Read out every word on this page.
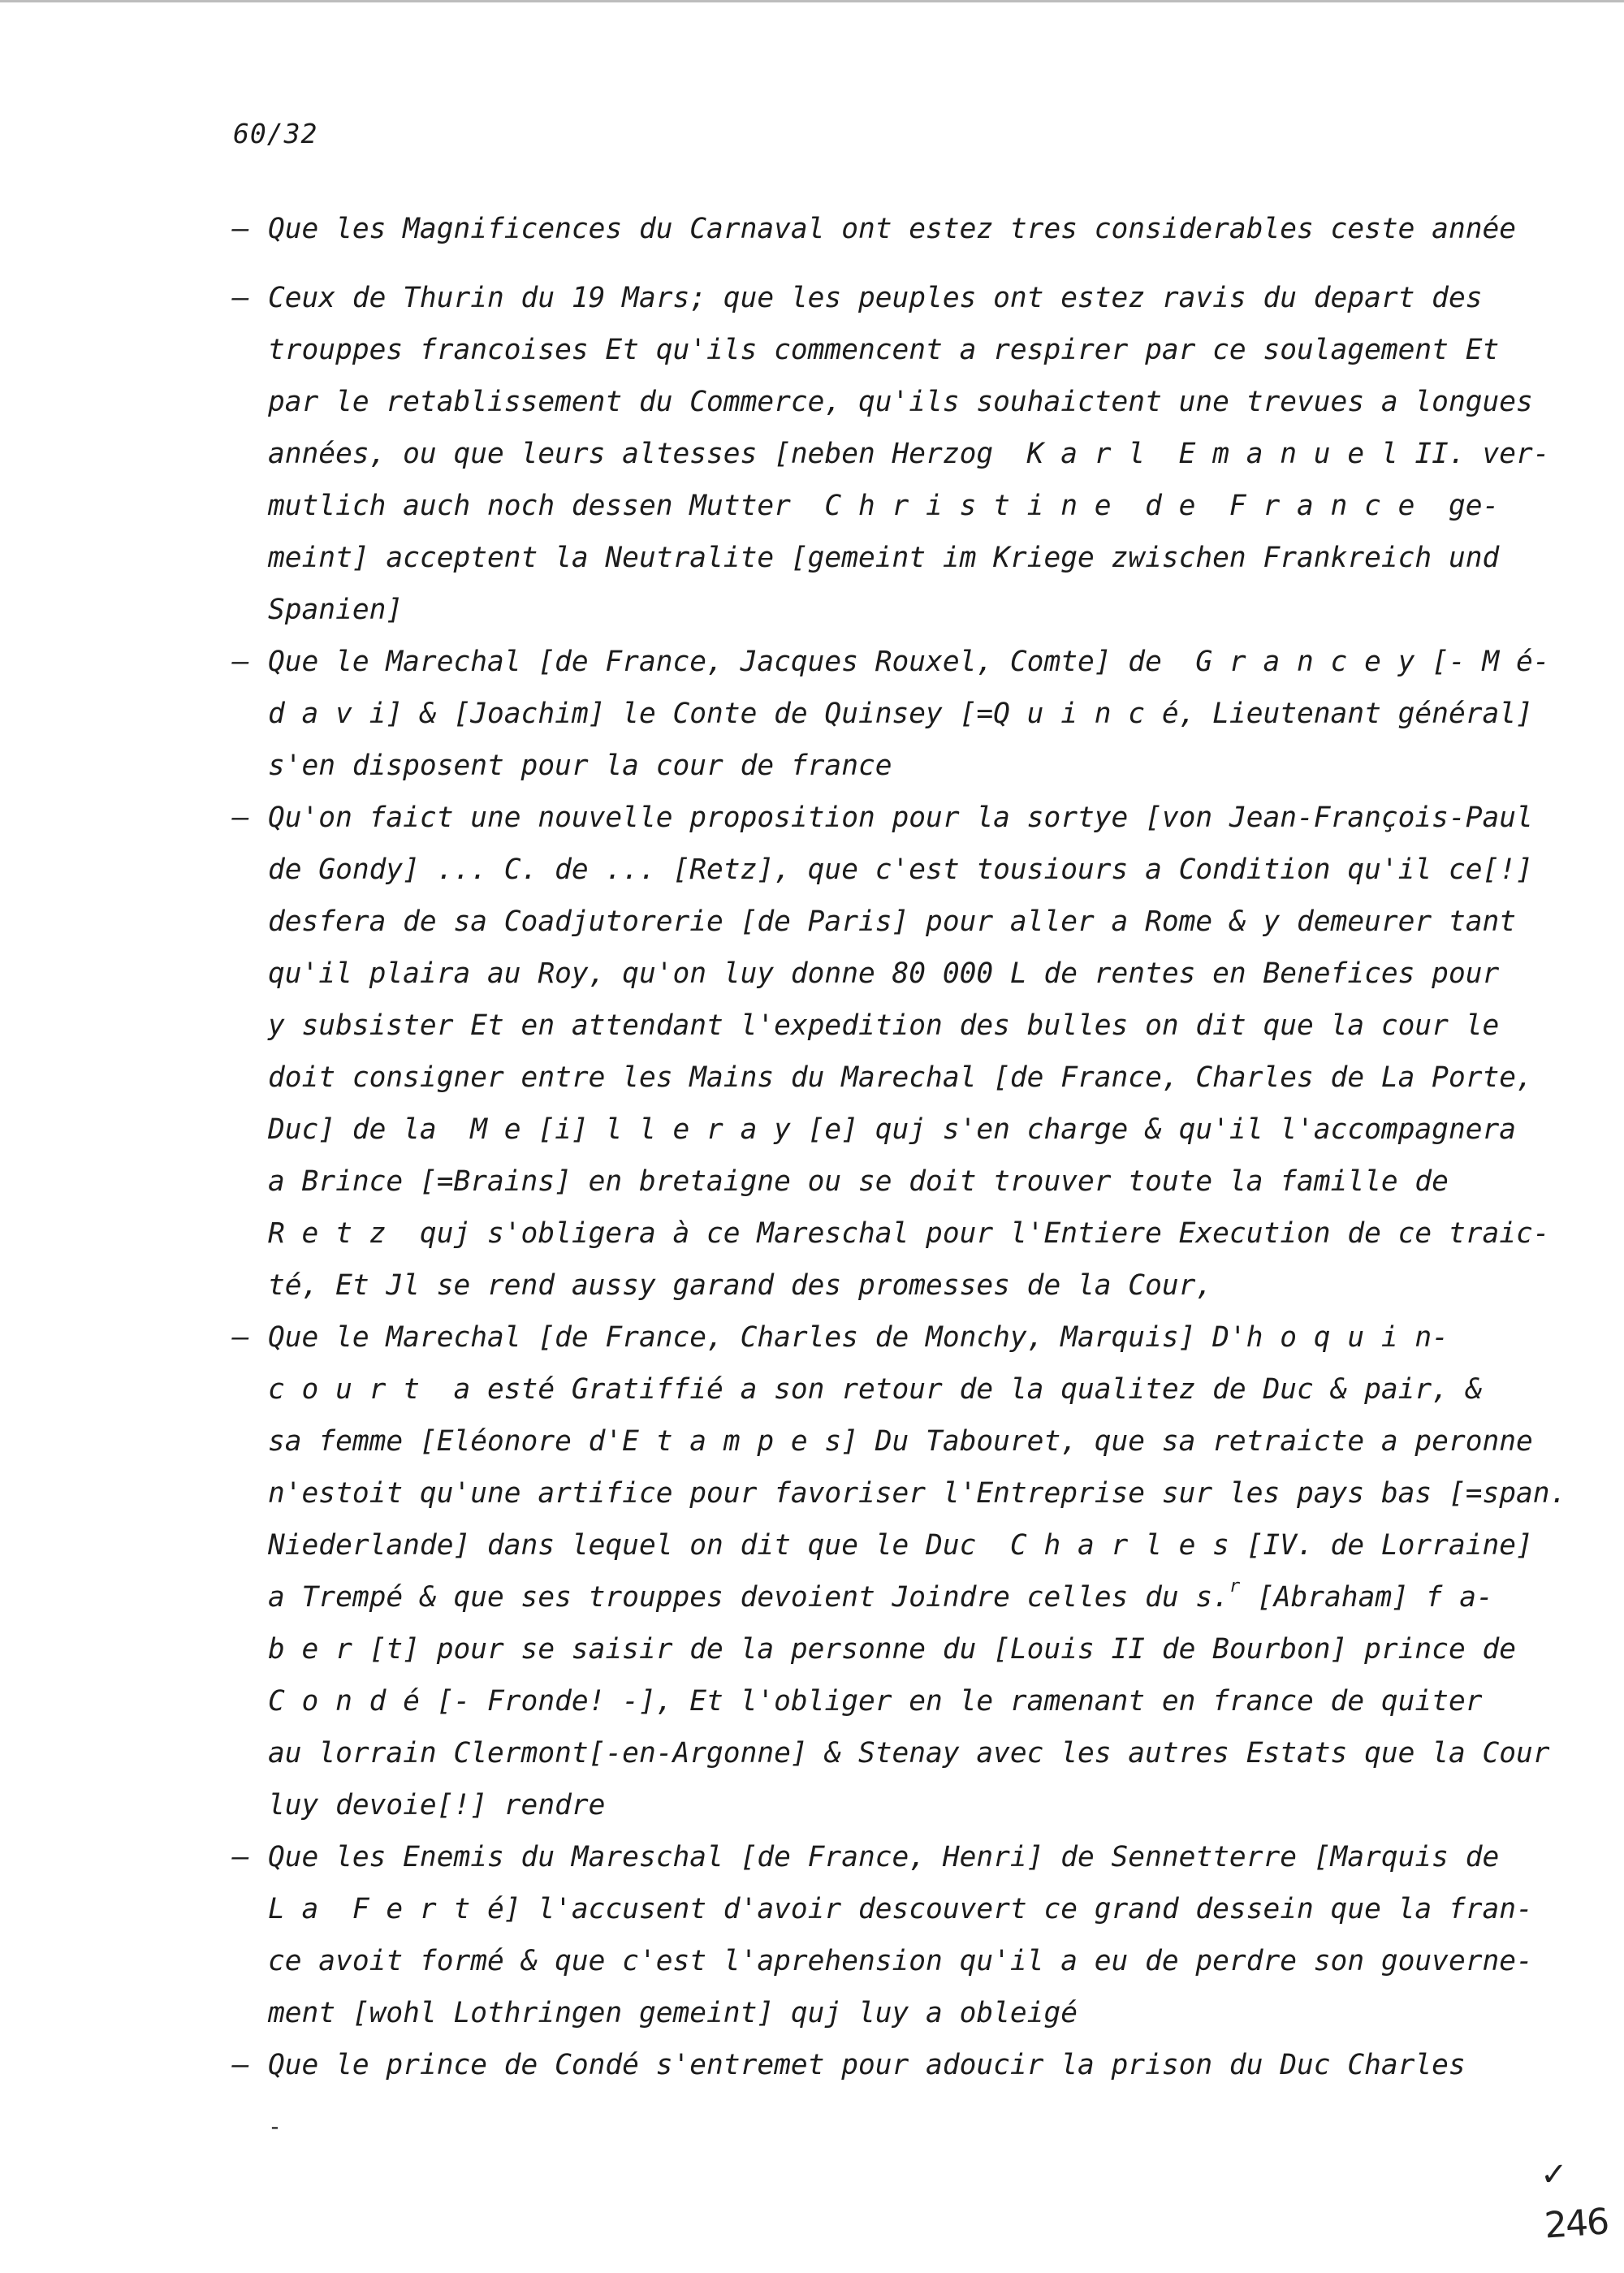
60/32
– Que les Magnificences du Carnaval ont estez tres considerables ceste année
– Ceux de Thurin du 19 Mars; que les peuples ont estez ravis du depart des
trouppes francoises Et qu'ils commencent a respirer par ce soulagement Et
par le retablissement du Commerce, qu'ils souhaictent une trevues a longues
années, ou que leurs altesses [neben Herzog  K a r l  E m a n u e l II. ver-
mutlich auch noch dessen Mutter  C h r i s t i n e  d e  F r a n c e  ge-
meint] acceptent la Neutralite [gemeint im Kriege zwischen Frankreich und
Spanien]
– Que le Marechal [de France, Jacques Rouxel, Comte] de  G r a n c e y [- M é-
d a v i] & [Joachim] le Conte de Quinsey [=Q u i n c é, Lieutenant général]
s'en disposent pour la cour de france
– Qu'on faict une nouvelle proposition pour la sortye [von Jean-François-Paul
de Gondy] ... C. de ... [Retz], que c'est tousiours a Condition qu'il ce[!]
desfera de sa Coadjutorerie [de Paris] pour aller a Rome & y demeurer tant
qu'il plaira au Roy, qu'on luy donne 80 000 L de rentes en Benefices pour
y subsister Et en attendant l'expedition des bulles on dit que la cour le
doit consigner entre les Mains du Marechal [de France, Charles de La Porte,
Duc] de la  M e [i] l l e r a y [e] quj s'en charge & qu'il l'accompagnera
a Brince [=Brains] en bretaigne ou se doit trouver toute la famille de
R e t z  quj s'obligera à ce Mareschal pour l'Entiere Execution de ce traic-
té, Et Jl se rend aussy garand des promesses de la Cour,
– Que le Marechal [de France, Charles de Monchy, Marquis] D'h o q u i n-
c o u r t  a esté Gratiffié a son retour de la qualitez de Duc & pair, &
sa femme [Eléonore d'E t a m p e s] Du Tabouret, que sa retraicte a peronne
n'estoit qu'une artifice pour favoriser l'Entreprise sur les pays bas [=span.
Niederlande] dans lequel on dit que le Duc  C h a r l e s [IV. de Lorraine]
a Trempé & que ses trouppes devoient Joindre celles du s.$^r$ [Abraham] f a-
b e r [t] pour se saisir de la personne du [Louis II de Bourbon] prince de
C o n d é [- Fronde! -], Et l'obliger en le ramenant en france de quiter
au lorrain Clermont[-en-Argonne] & Stenay avec les autres Estats que la Cour
luy devoie[!] rendre
– Que les Enemis du Mareschal [de France, Henri] de Sennetterre [Marquis de
L a  F e r t é] l'accusent d'avoir descouvert ce grand dessein que la fran-
ce avoit formé & que c'est l'aprehension qu'il a eu de perdre son gouverne-
ment [wohl Lothringen gemeint] quj luy a obleigé
– Que le prince de Condé s'entremet pour adoucir la prison du Duc Charles
-
✓
246
